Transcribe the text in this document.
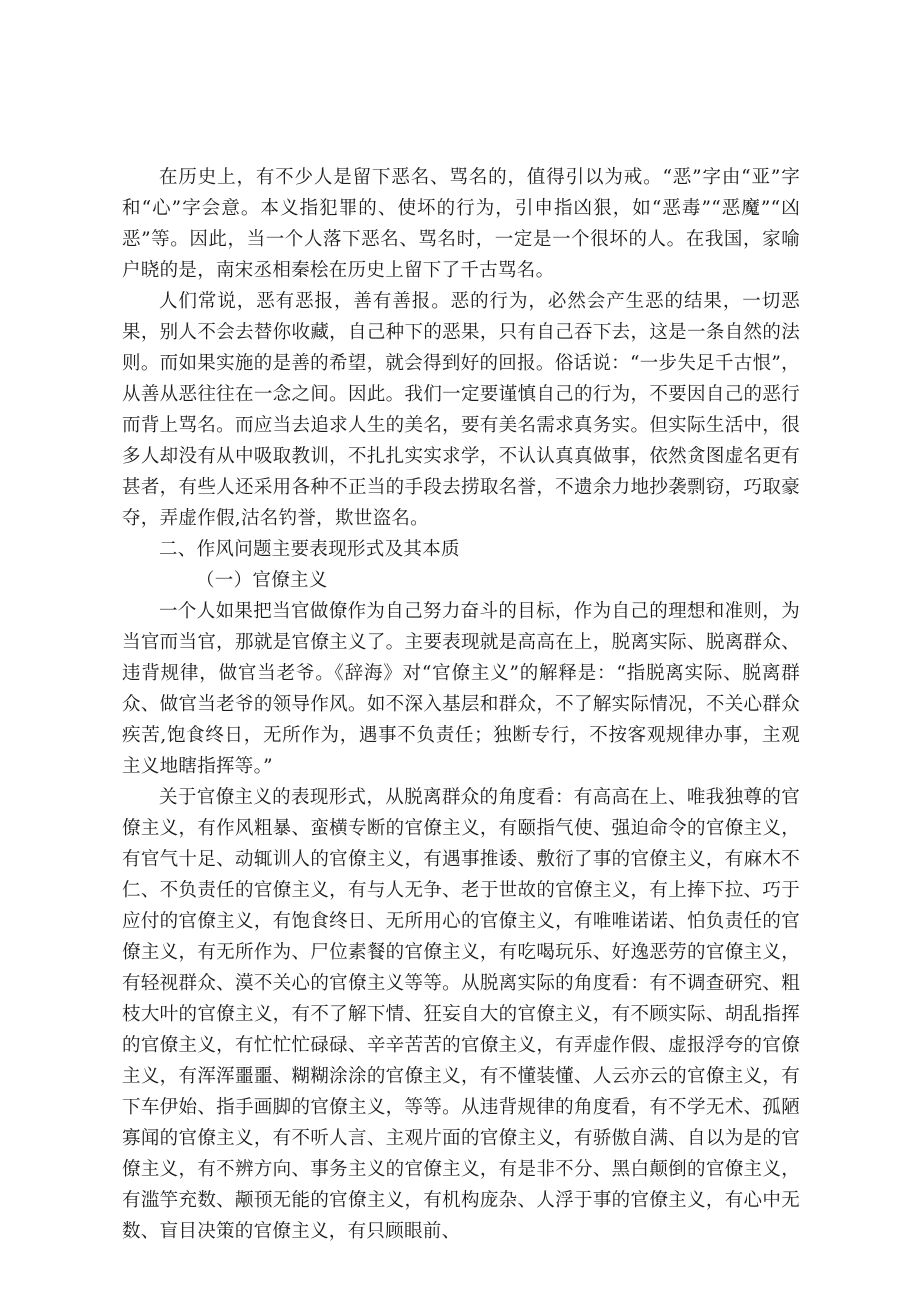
在历史上，有不少人是留下恶名、骂名的，值得引以为戒。“恶”字由“亚”字和“心”字会意。本义指犯罪的、使坏的行为，引申指凶狠，如“恶毒”“恶魔”“凶恶”等。因此，当一个人落下恶名、骂名时，一定是一个很坏的人。在我国，家喻户晓的是，南宋丞相秦桧在历史上留下了千古骂名。

人们常说，恶有恶报，善有善报。恶的行为，必然会产生恶的结果，一切恶果，别人不会去替你收藏，自己种下的恶果，只有自己吞下去，这是一条自然的法则。而如果实施的是善的希望，就会得到好的回报。俗话说：“一步失足千古恨”，从善从恶往往在一念之间。因此。我们一定要谨慎自己的行为，不要因自己的恶行而背上骂名。而应当去追求人生的美名，要有美名需求真务实。但实际生活中，很多人却没有从中吸取教训，不扎扎实实求学，不认认真真做事，依然贪图虚名更有甚者，有些人还采用各种不正当的手段去捞取名誉，不遗余力地抄袭剽窃，巧取豪夺，弄虚作假,沽名钓誉，欺世盗名。

二、作风问题主要表现形式及其本质

（一）官僚主义

一个人如果把当官做僚作为自己努力奋斗的目标，作为自己的理想和准则，为当官而当官，那就是官僚主义了。主要表现就是高高在上，脱离实际、脱离群众、违背规律，做官当老爷。《辞海》对“官僚主义”的解释是：“指脱离实际、脱离群众、做官当老爷的领导作风。如不深入基层和群众，不了解实际情况，不关心群众疾苦,饱食终日，无所作为，遇事不负责任；独断专行，不按客观规律办事，主观主义地瞎指挥等。”

关于官僚主义的表现形式，从脱离群众的角度看：有高高在上、唯我独尊的官僚主义，有作风粗暴、蛮横专断的官僚主义，有颐指气使、强迫命令的官僚主义，有官气十足、动辄训人的官僚主义，有遇事推诿、敷衍了事的官僚主义，有麻木不仁、不负责任的官僚主义，有与人无争、老于世故的官僚主义，有上捧下拉、巧于应付的官僚主义，有饱食终日、无所用心的官僚主义，有唯唯诺诺、怕负责任的官僚主义，有无所作为、尸位素餐的官僚主义，有吃喝玩乐、好逸恶劳的官僚主义，有轻视群众、漠不关心的官僚主义等等。从脱离实际的角度看：有不调查研究、粗枝大叶的官僚主义，有不了解下情、狂妄自大的官僚主义，有不顾实际、胡乱指挥的官僚主义，有忙忙忙碌碌、辛辛苦苦的官僚主义，有弄虚作假、虚报浮夸的官僚主义，有浑浑噩噩、糊糊涂涂的官僚主义，有不懂装懂、人云亦云的官僚主义，有下车伊始、指手画脚的官僚主义，等等。从违背规律的角度看，有不学无术、孤陋寡闻的官僚主义，有不听人言、主观片面的官僚主义，有骄傲自满、自以为是的官僚主义，有不辨方向、事务主义的官僚主义，有是非不分、黑白颠倒的官僚主义，有滥竽充数、颟顸无能的官僚主义，有机构庞杂、人浮于事的官僚主义，有心中无数、盲目决策的官僚主义，有只顾眼前、
